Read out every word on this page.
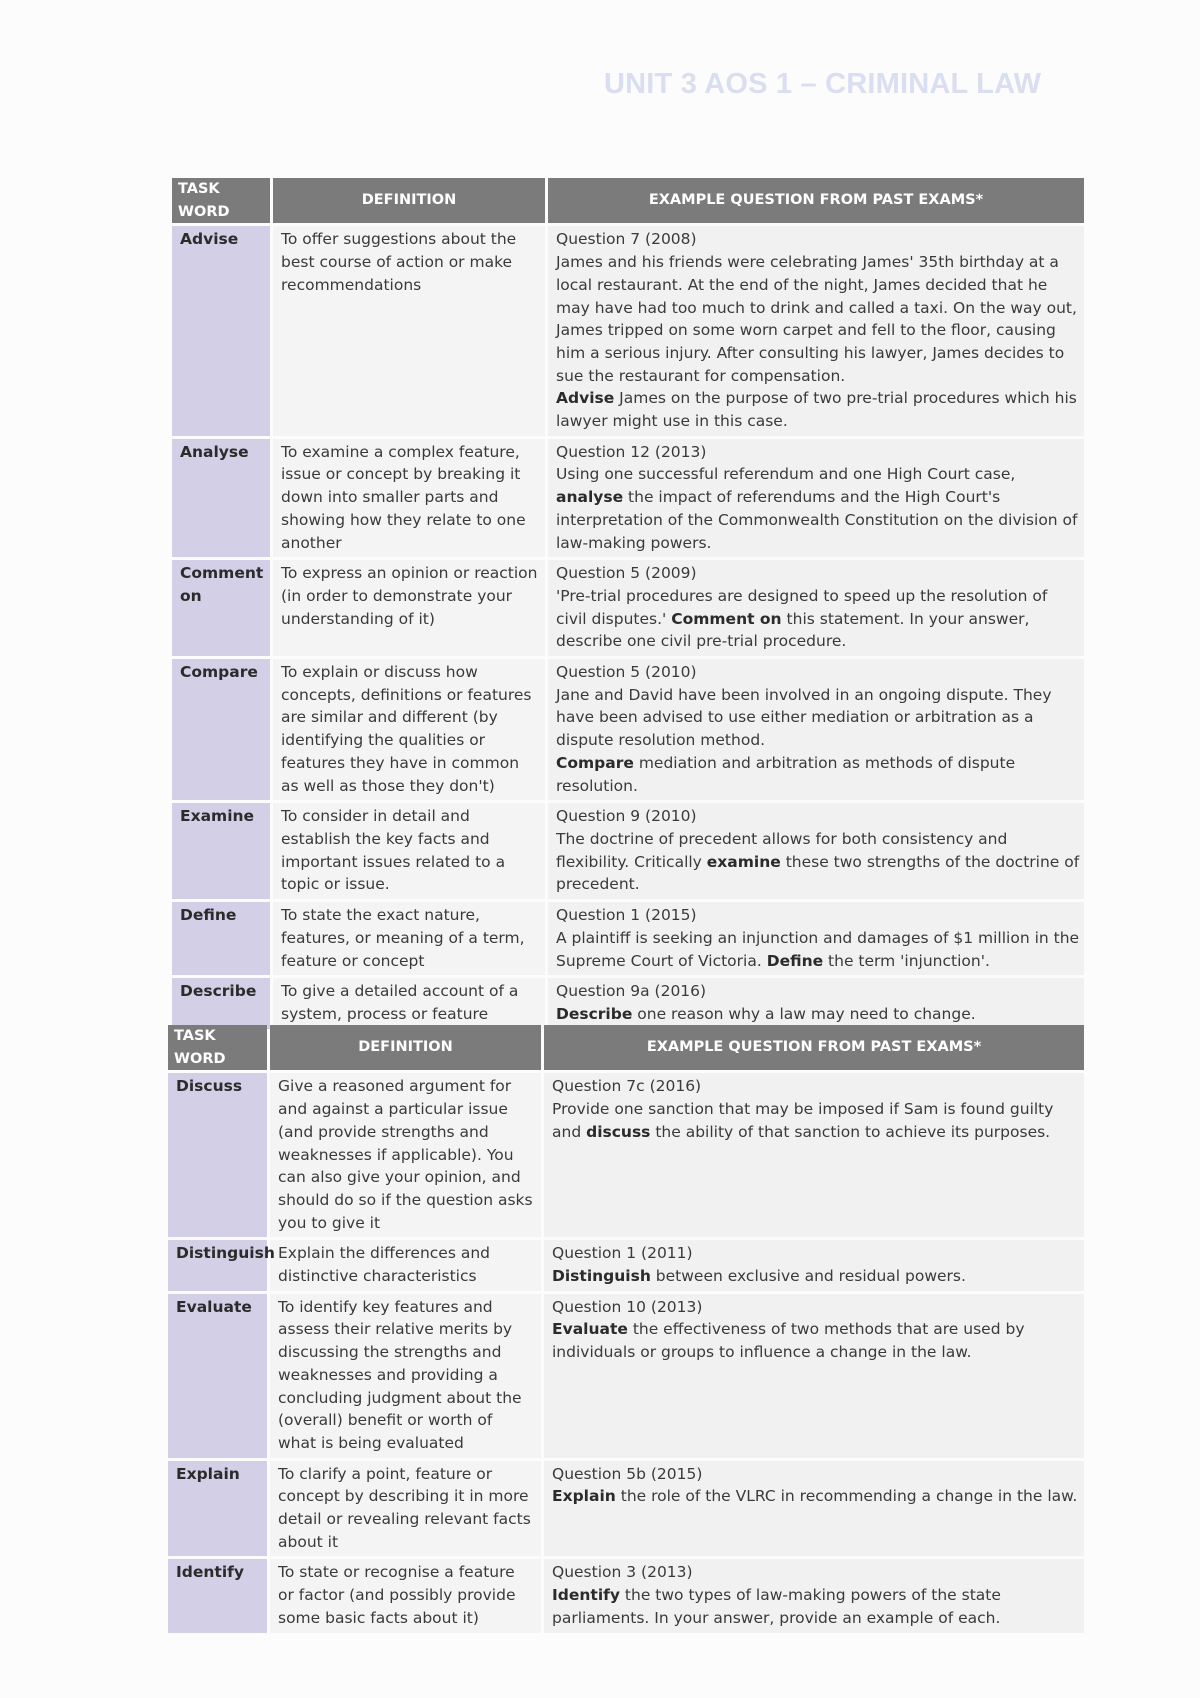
UNIT 3 AOS 1 – CRIMINAL LAW
TASK WORD	DEFINITION	EXAMPLE QUESTION FROM PAST EXAMS*
Advise	To offer suggestions about the best course of action or make recommendations	Question 7 (2008)
James and his friends were celebrating James' 35th birthday at a local restaurant. At the end of the night, James decided that he may have had too much to drink and called a taxi. On the way out, James tripped on some worn carpet and fell to the floor, causing him a serious injury. After consulting his lawyer, James decides to sue the restaurant for compensation.
Advise James on the purpose of two pre-trial procedures which his lawyer might use in this case.

Analyse	To examine a complex feature, issue or concept by breaking it down into smaller parts and showing how they relate to one another	Question 12 (2013)
Using one successful referendum and one High Court case, analyse the impact of referendums and the High Court's interpretation of the Commonwealth Constitution on the division of law-making powers.

Comment on	To express an opinion or reaction (in order to demonstrate your understanding of it)	Question 5 (2009)
'Pre-trial procedures are designed to speed up the resolution of civil disputes.' Comment on this statement. In your answer, describe one civil pre-trial procedure.

Compare	To explain or discuss how concepts, definitions or features are similar and different (by identifying the qualities or features they have in common as well as those they don't)	Question 5 (2010)
Jane and David have been involved in an ongoing dispute. They have been advised to use either mediation or arbitration as a dispute resolution method.
Compare mediation and arbitration as methods of dispute resolution.

Examine	To consider in detail and establish the key facts and important issues related to a topic or issue.	Question 9 (2010)
The doctrine of precedent allows for both consistency and flexibility. Critically examine these two strengths of the doctrine of precedent.

Define	To state the exact nature, features, or meaning of a term, feature or concept	Question 1 (2015)
A plaintiff is seeking an injunction and damages of $1 million in the Supreme Court of Victoria. Define the term 'injunction'.

Describe	To give a detailed account of a system, process or feature	Question 9a (2016)
Describe one reason why a law may need to change.
TASK WORD	DEFINITION	EXAMPLE QUESTION FROM PAST EXAMS*
Discuss	Give a reasoned argument for and against a particular issue (and provide strengths and weaknesses if applicable). You can also give your opinion, and should do so if the question asks you to give it	Question 7c (2016)
Provide one sanction that may be imposed if Sam is found guilty and discuss the ability of that sanction to achieve its purposes.

Distinguish	Explain the differences and distinctive characteristics	Question 1 (2011)
Distinguish between exclusive and residual powers.

Evaluate	To identify key features and assess their relative merits by discussing the strengths and weaknesses and providing a concluding judgment about the (overall) benefit or worth of what is being evaluated	Question 10 (2013)
Evaluate the effectiveness of two methods that are used by individuals or groups to influence a change in the law.

Explain	To clarify a point, feature or concept by describing it in more detail or revealing relevant facts about it	Question 5b (2015)
Explain the role of the VLRC in recommending a change in the law.

Identify	To state or recognise a feature or factor (and possibly provide some basic facts about it)	Question 3 (2013)
Identify the two types of law-making powers of the state parliaments. In your answer, provide an example of each.
